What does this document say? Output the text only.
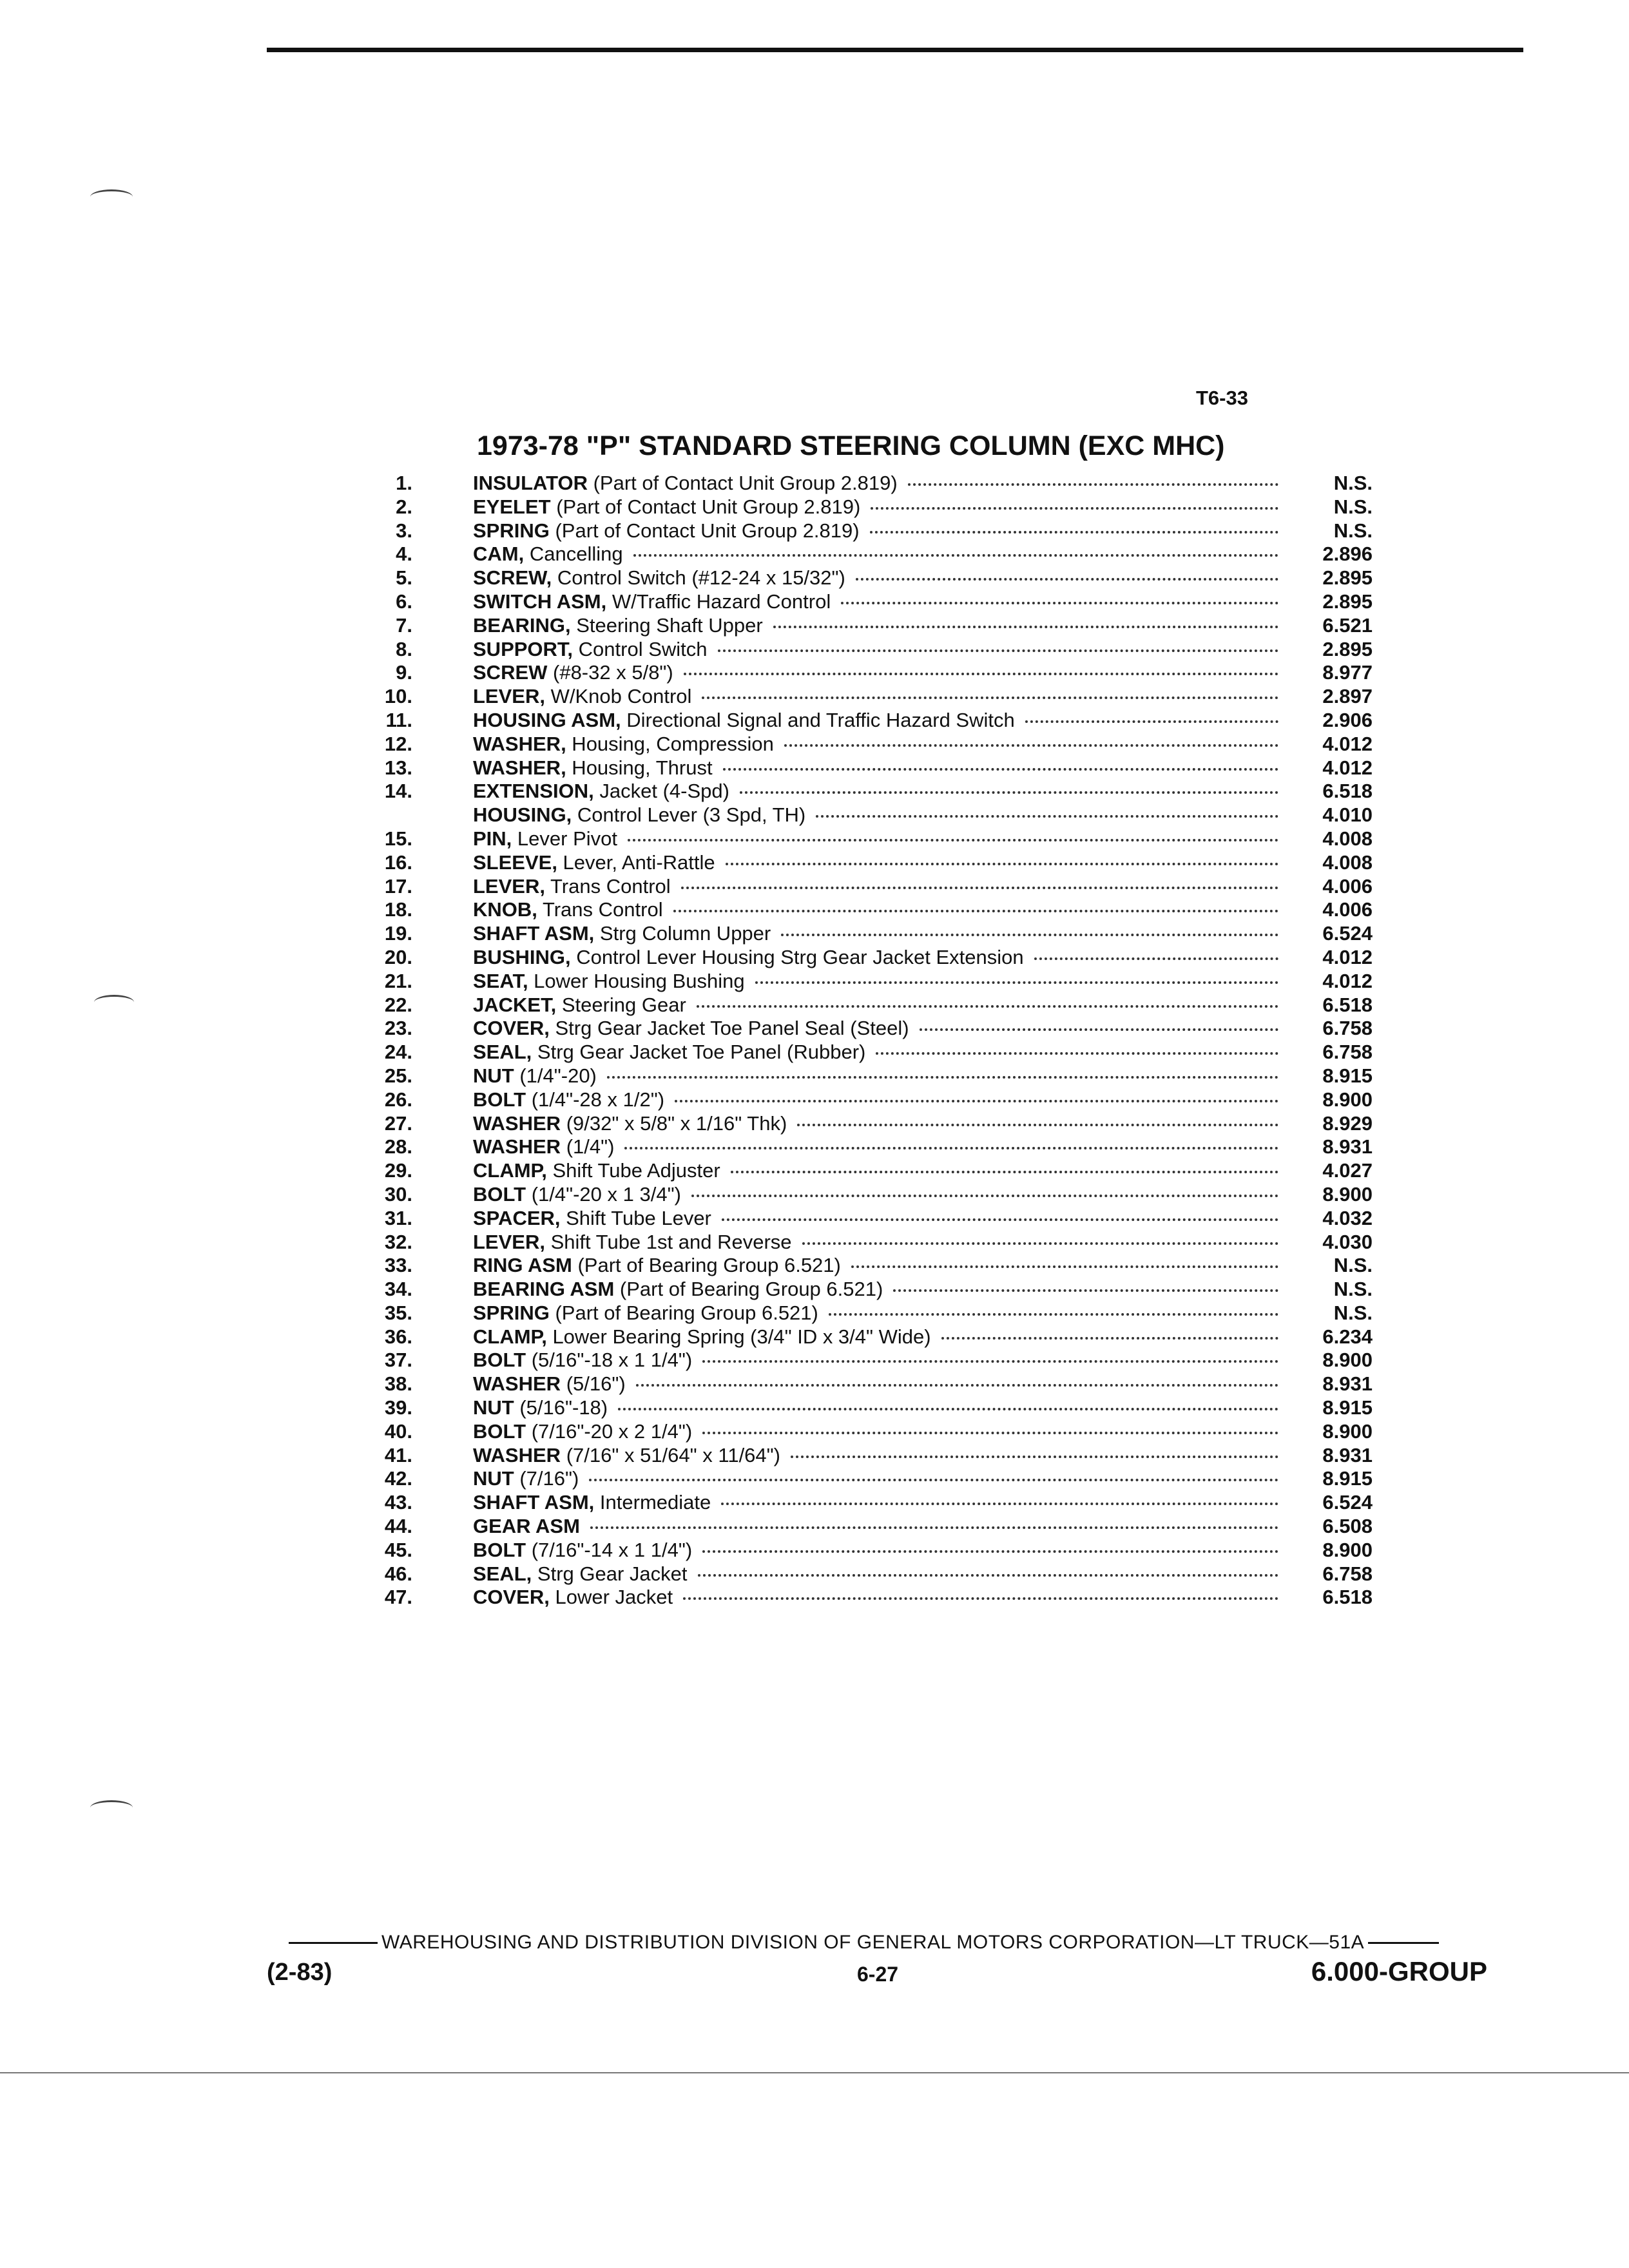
T6-33
1973-78 "P" STANDARD STEERING COLUMN (EXC MHC)
1.	INSULATOR (Part of Contact Unit Group 2.819)	N.S.
2.	EYELET (Part of Contact Unit Group 2.819)	N.S.
3.	SPRING (Part of Contact Unit Group 2.819)	N.S.
4.	CAM, Cancelling	2.896
5.	SCREW, Control Switch (#12-24 x 15/32")	2.895
6.	SWITCH ASM, W/Traffic Hazard Control	2.895
7.	BEARING, Steering Shaft Upper	6.521
8.	SUPPORT, Control Switch	2.895
9.	SCREW (#8-32 x 5/8")	8.977
10.	LEVER, W/Knob Control	2.897
11.	HOUSING ASM, Directional Signal and Traffic Hazard Switch	2.906
12.	WASHER, Housing, Compression	4.012
13.	WASHER, Housing, Thrust	4.012
14.	EXTENSION, Jacket (4-Spd)	6.518
HOUSING, Control Lever (3 Spd, TH)	4.010
15.	PIN, Lever Pivot	4.008
16.	SLEEVE, Lever, Anti-Rattle	4.008
17.	LEVER, Trans Control	4.006
18.	KNOB, Trans Control	4.006
19.	SHAFT ASM, Strg Column Upper	6.524
20.	BUSHING, Control Lever Housing Strg Gear Jacket Extension	4.012
21.	SEAT, Lower Housing Bushing	4.012
22.	JACKET, Steering Gear	6.518
23.	COVER, Strg Gear Jacket Toe Panel Seal (Steel)	6.758
24.	SEAL, Strg Gear Jacket Toe Panel (Rubber)	6.758
25.	NUT (1/4"-20)	8.915
26.	BOLT (1/4"-28 x 1/2")	8.900
27.	WASHER (9/32" x 5/8" x 1/16" Thk)	8.929
28.	WASHER (1/4")	8.931
29.	CLAMP, Shift Tube Adjuster	4.027
30.	BOLT (1/4"-20 x 1 3/4")	8.900
31.	SPACER, Shift Tube Lever	4.032
32.	LEVER, Shift Tube 1st and Reverse	4.030
33.	RING ASM (Part of Bearing Group 6.521)	N.S.
34.	BEARING ASM (Part of Bearing Group 6.521)	N.S.
35.	SPRING (Part of Bearing Group 6.521)	N.S.
36.	CLAMP, Lower Bearing Spring (3/4" ID x 3/4" Wide)	6.234
37.	BOLT (5/16"-18 x 1 1/4")	8.900
38.	WASHER (5/16")	8.931
39.	NUT (5/16"-18)	8.915
40.	BOLT (7/16"-20 x 2 1/4")	8.900
41.	WASHER (7/16" x 51/64" x 11/64")	8.931
42.	NUT (7/16")	8.915
43.	SHAFT ASM, Intermediate	6.524
44.	GEAR ASM	6.508
45.	BOLT (7/16"-14 x 1 1/4")	8.900
46.	SEAL, Strg Gear Jacket	6.758
47.	COVER, Lower Jacket	6.518
WAREHOUSING AND DISTRIBUTION DIVISION OF GENERAL MOTORS CORPORATION—LT TRUCK—51A
(2-83)	6-27	6.000-GROUP
